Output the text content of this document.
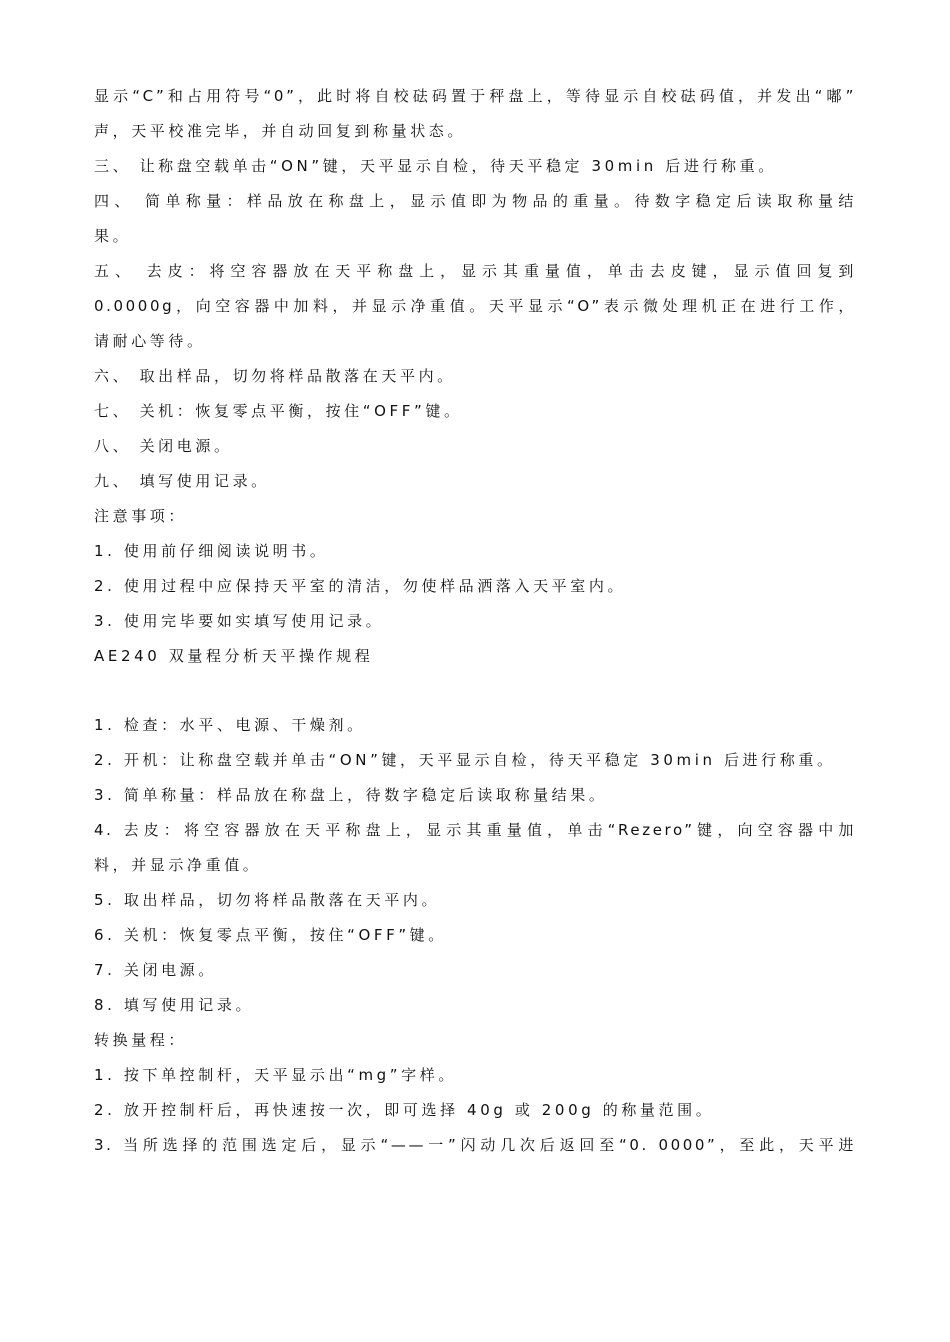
显示“C”和占用符号“0”，此时将自校砝码置于秤盘上，等待显示自校砝码值，并发出“嘟”
声，天平校准完毕，并自动回复到称量状态。
三、 让称盘空载单击“ON”键，天平显示自检，待天平稳定 30min 后进行称重。
四、 简单称量：样品放在称盘上，显示值即为物品的重量。待数字稳定后读取称量结
果。
五、 去皮：将空容器放在天平称盘上，显示其重量值，单击去皮键，显示值回复到
0.0000g，向空容器中加料，并显示净重值。天平显示“O”表示微处理机正在进行工作，
请耐心等待。
六、 取出样品，切勿将样品散落在天平内。
七、 关机：恢复零点平衡，按住“OFF”键。
八、 关闭电源。
九、 填写使用记录。
注意事项：
1. 使用前仔细阅读说明书。
2. 使用过程中应保持天平室的清洁，勿使样品洒落入天平室内。
3. 使用完毕要如实填写使用记录。
AE240 双量程分析天平操作规程
1. 检查：水平、电源、干燥剂。
2. 开机：让称盘空载并单击“ON”键，天平显示自检，待天平稳定 30min 后进行称重。
3. 简单称量：样品放在称盘上，待数字稳定后读取称量结果。
4. 去皮：将空容器放在天平称盘上，显示其重量值，单击“Rezero”键，向空容器中加
料，并显示净重值。
5. 取出样品，切勿将样品散落在天平内。
6. 关机：恢复零点平衡，按住“OFF”键。
7. 关闭电源。
8. 填写使用记录。
转换量程：
1. 按下单控制杆，天平显示出“mg”字样。
2. 放开控制杆后，再快速按一次，即可选择 40g 或 200g 的称量范围。
3. 当所选择的范围选定后，显示“——一”闪动几次后返回至“0. 0000”，至此，天平进
